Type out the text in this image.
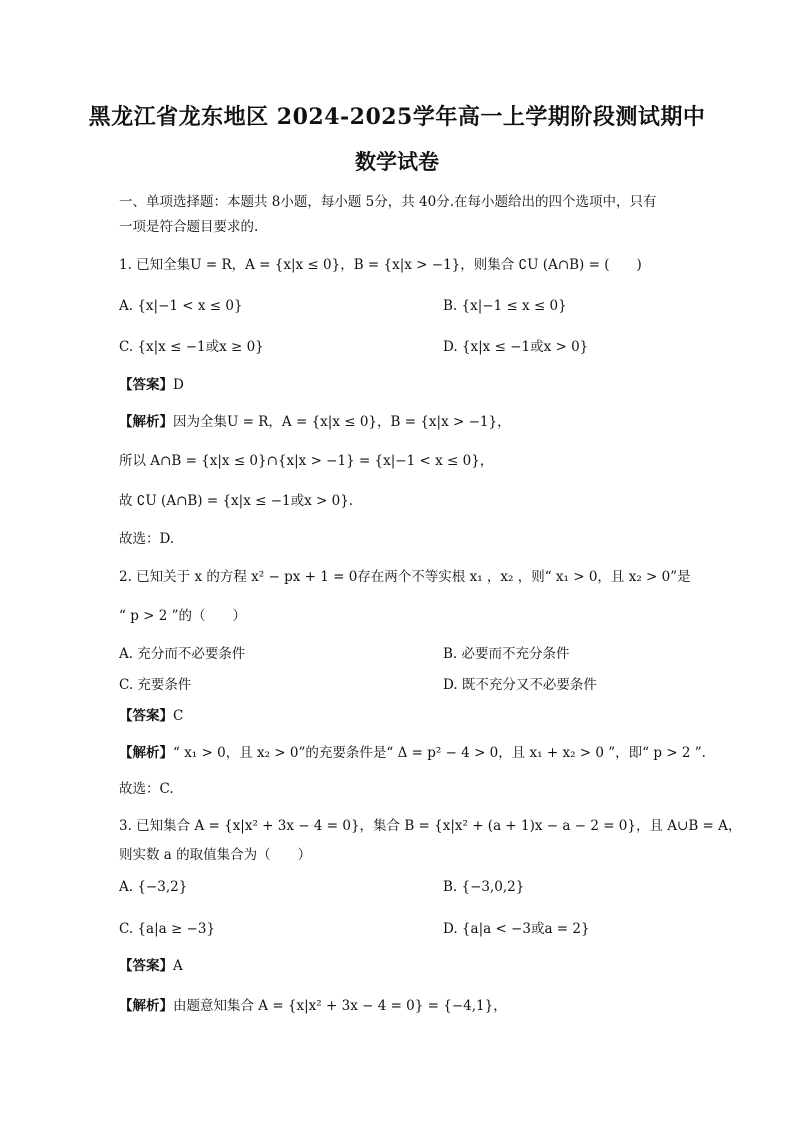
黑龙江省龙东地区 2024-2025学年高一上学期阶段测试期中
数学试卷
一、单项选择题：本题共 8小题，每小题 5分，共 40分.在每小题给出的四个选项中，只有
一项是符合题目要求的.
1. 已知全集U = R，A = {x|x ≤ 0}，B = {x|x > −1}，则集合 ∁U (A∩B) = (　　)
A. {x|−1 < x ≤ 0}	B. {x|−1 ≤ x ≤ 0}
C. {x|x ≤ −1或x ≥ 0}	D. {x|x ≤ −1或x > 0}
【答案】D
【解析】因为全集U = R，A = {x|x ≤ 0}，B = {x|x > −1}，
所以 A∩B = {x|x ≤ 0}∩{x|x > −1} = {x|−1 < x ≤ 0}，
故 ∁U (A∩B) = {x|x ≤ −1或x > 0}.
故选：D.
2. 已知关于 x 的方程 x² − px + 1 = 0存在两个不等实根 x₁ ，x₂ ，则“ x₁ > 0，且 x₂ > 0”是
“ p > 2 ”的（　　）
A. 充分而不必要条件	B. 必要而不充分条件
C. 充要条件	D. 既不充分又不必要条件
【答案】C
【解析】“ x₁ > 0，且 x₂ > 0”的充要条件是“ Δ = p² − 4 > 0，且 x₁ + x₂ > 0 ”，即“ p > 2 ”.
故选：C.
3. 已知集合 A = {x|x² + 3x − 4 = 0}，集合 B = {x|x² + (a + 1)x − a − 2 = 0}，且 A∪B = A，
则实数 a 的取值集合为（　　）
A. {−3,2}	B. {−3,0,2}
C. {a|a ≥ −3}	D. {a|a < −3或a = 2}
【答案】A
【解析】由题意知集合 A = {x|x² + 3x − 4 = 0} = {−4,1}，
